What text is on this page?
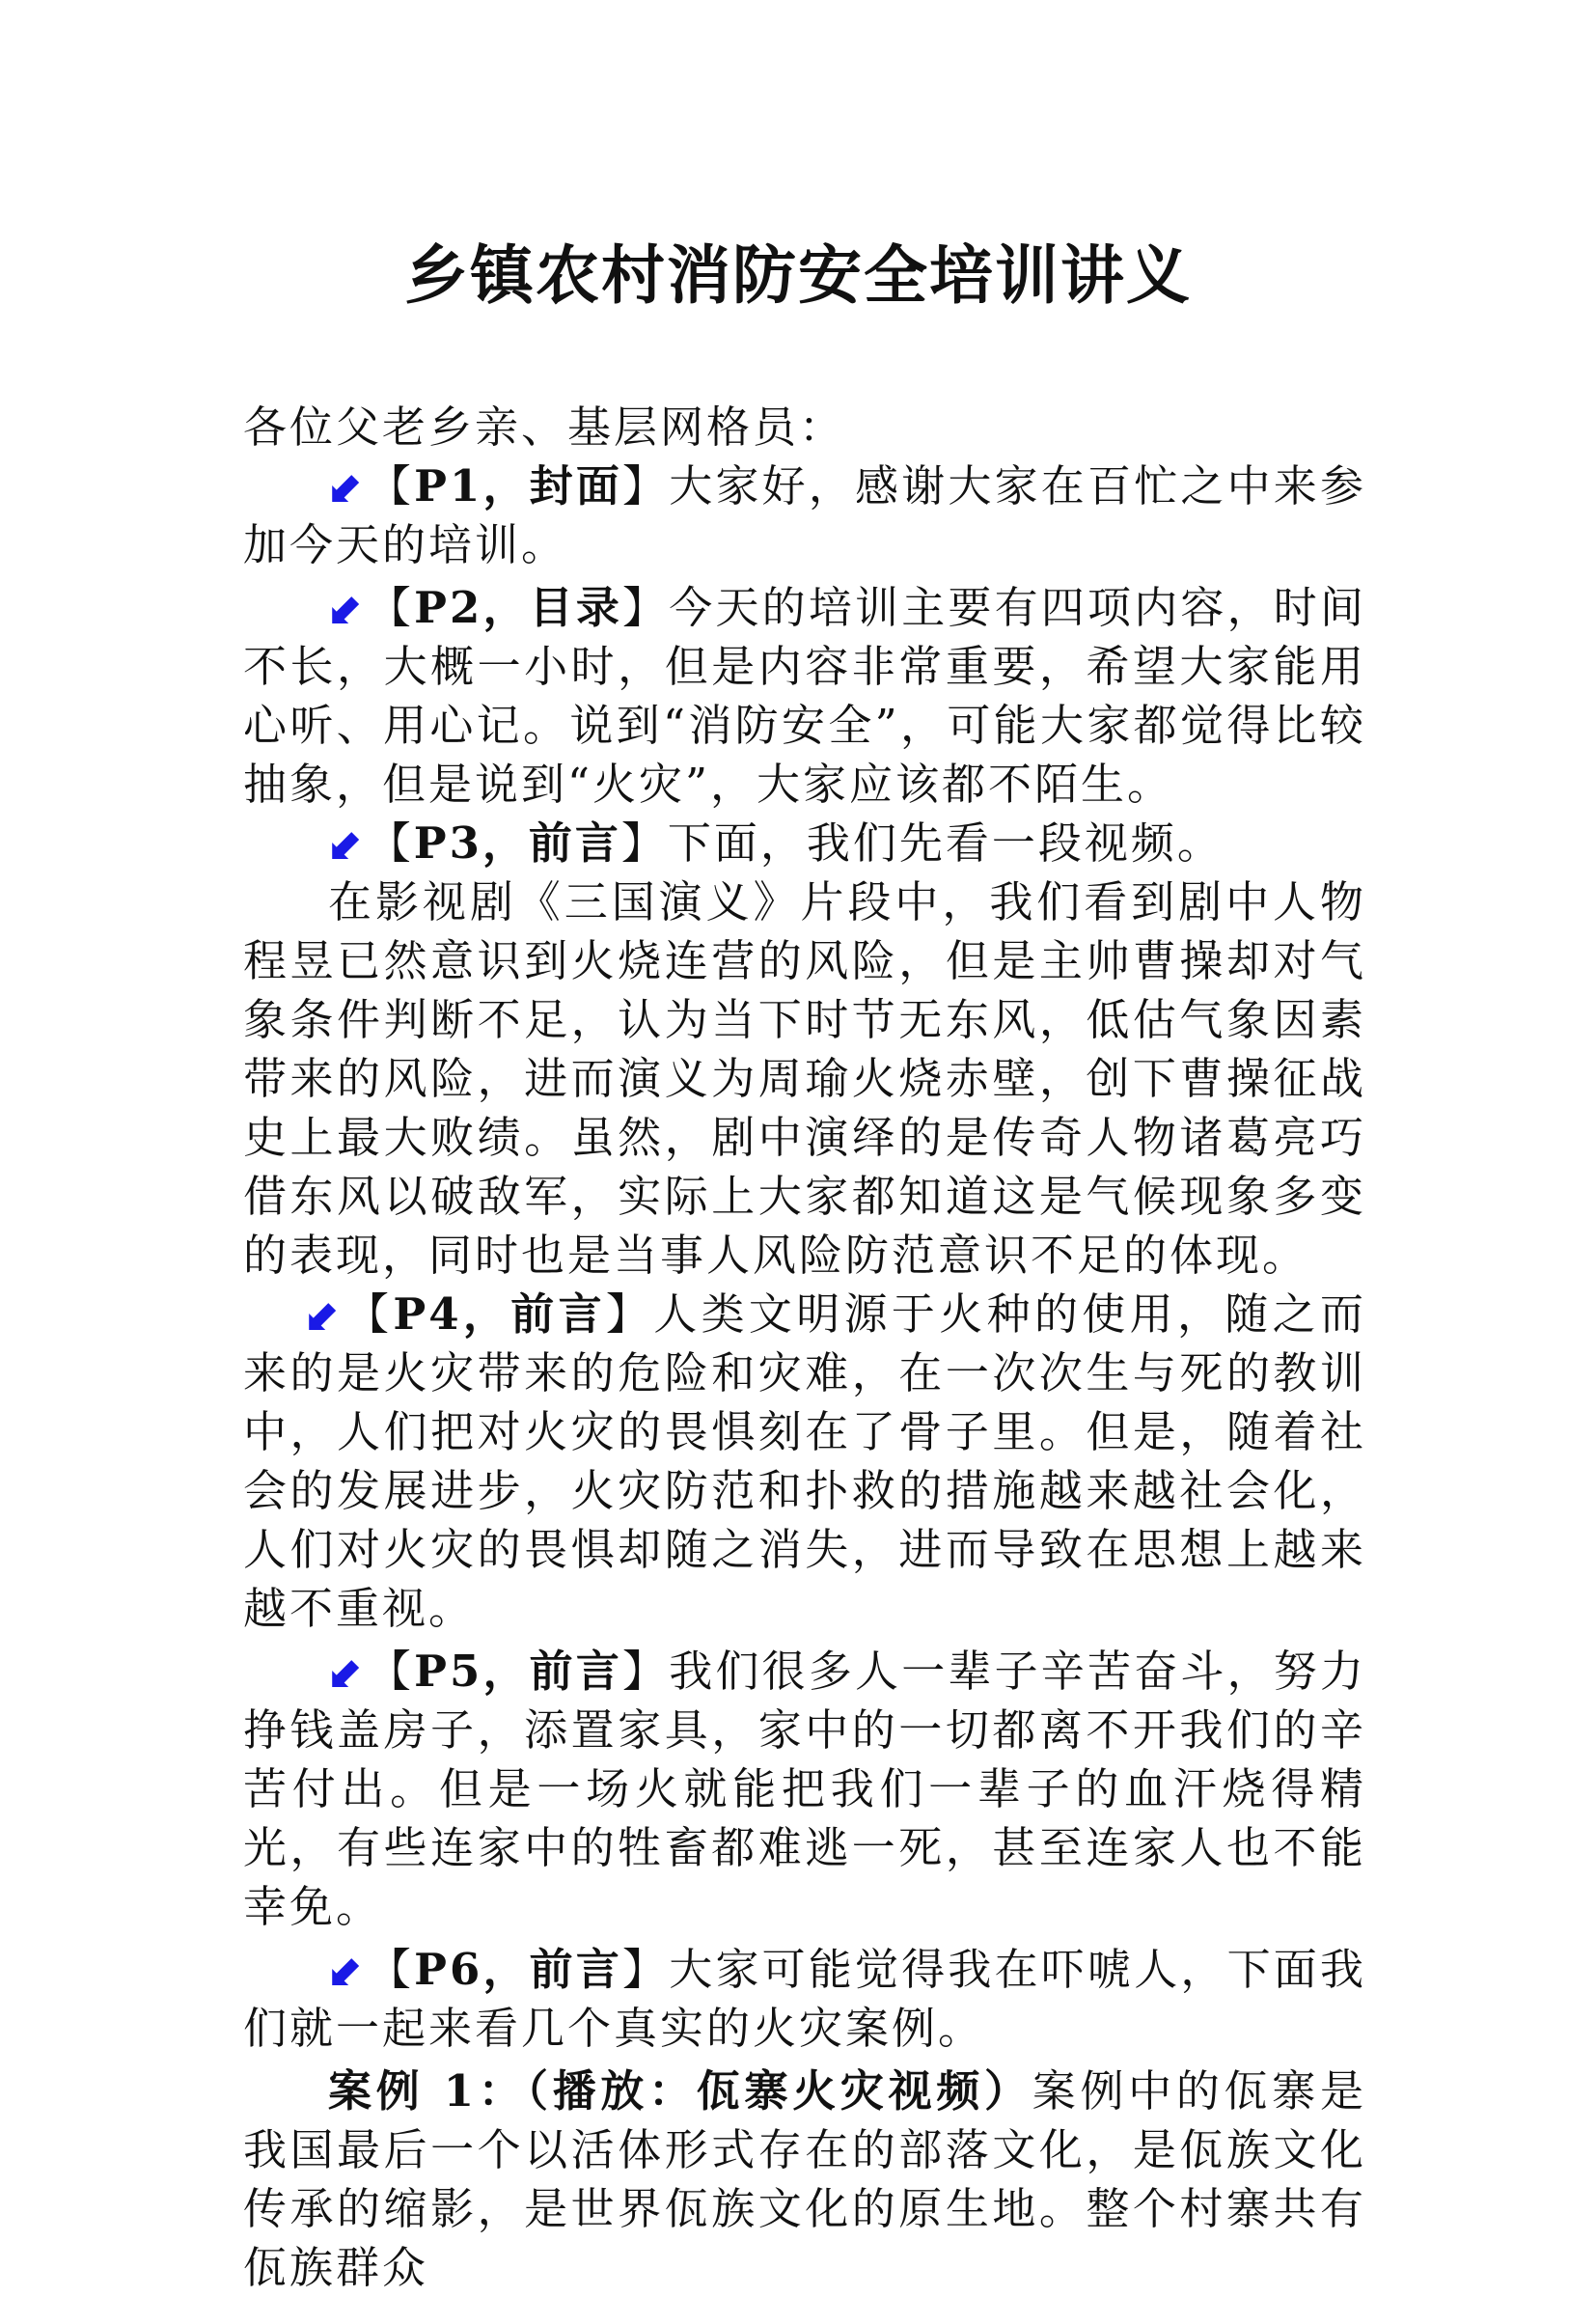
乡镇农村消防安全培训讲义

各位父老乡亲、基层网格员：

⬋【P1，封面】大家好，感谢大家在百忙之中来参加今天的培训。

⬋【P2，目录】今天的培训主要有四项内容，时间不长，大概一小时，但是内容非常重要，希望大家能用心听、用心记。说到“消防安全”，可能大家都觉得比较抽象，但是说到“火灾”，大家应该都不陌生。

⬋【P3，前言】下面，我们先看一段视频。

在影视剧《三国演义》片段中，我们看到剧中人物程昱已然意识到火烧连营的风险，但是主帅曹操却对气象条件判断不足，认为当下时节无东风，低估气象因素带来的风险，进而演义为周瑜火烧赤壁，创下曹操征战史上最大败绩。虽然，剧中演绎的是传奇人物诸葛亮巧借东风以破敌军，实际上大家都知道这是气候现象多变的表现，同时也是当事人风险防范意识不足的体现。

⬋【P4，前言】人类文明源于火种的使用，随之而来的是火灾带来的危险和灾难，在一次次生与死的教训中，人们把对火灾的畏惧刻在了骨子里。但是，随着社会的发展进步，火灾防范和扑救的措施越来越社会化，人们对火灾的畏惧却随之消失，进而导致在思想上越来越不重视。

⬋【P5，前言】我们很多人一辈子辛苦奋斗，努力挣钱盖房子，添置家具，家中的一切都离不开我们的辛苦付出。但是一场火就能把我们一辈子的血汗烧得精光，有些连家中的牲畜都难逃一死，甚至连家人也不能幸免。

⬋【P6，前言】大家可能觉得我在吓唬人，下面我们就一起来看几个真实的火灾案例。

案例 1：（播放：佤寨火灾视频）案例中的佤寨是我国最后一个以活体形式存在的部落文化，是佤族文化传承的缩影，是世界佤族文化的原生地。整个村寨共有佤族群众
